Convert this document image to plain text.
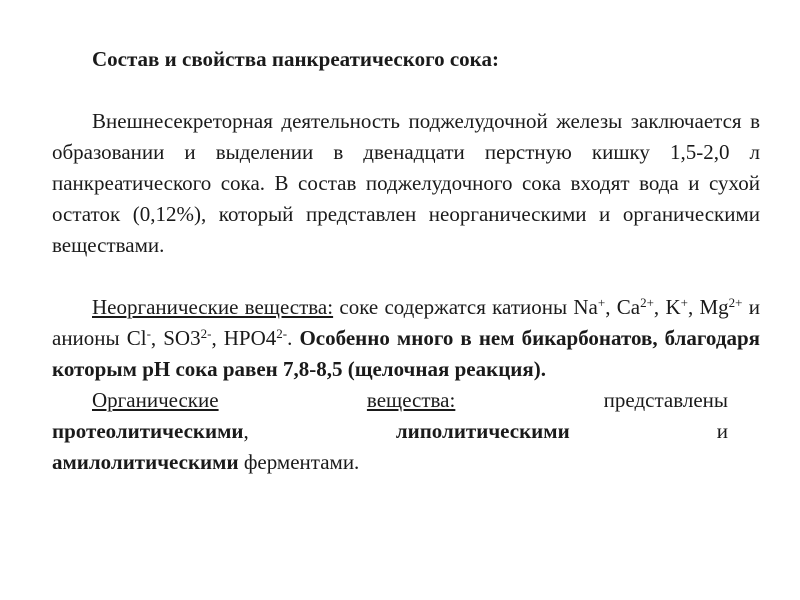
Состав и свойства панкреатического сока:

Внешнесекреторная деятельность поджелудочной железы заключается в образовании и выделении в двенадцати перстную кишку 1,5-2,0 л панкреатического сока. В состав поджелудочного сока входят вода и сухой остаток (0,12%), который представлен неорганическими и органическими веществами.

Неорганические вещества: соке содержатся катионы Na+, $Ca^{2+}$, K+, $Mg^{2+}$ и анионы Cl-, $SO3^{2-}$, $HPO4^{2-}$. Особенно много в нем бикарбонатов, благодаря которым pH сока равен 7,8-8,5 (щелочная реакция).

Органические	вещества:	представлены
протеолитическими,	липолитическими	и

амилолитическими ферментами.
